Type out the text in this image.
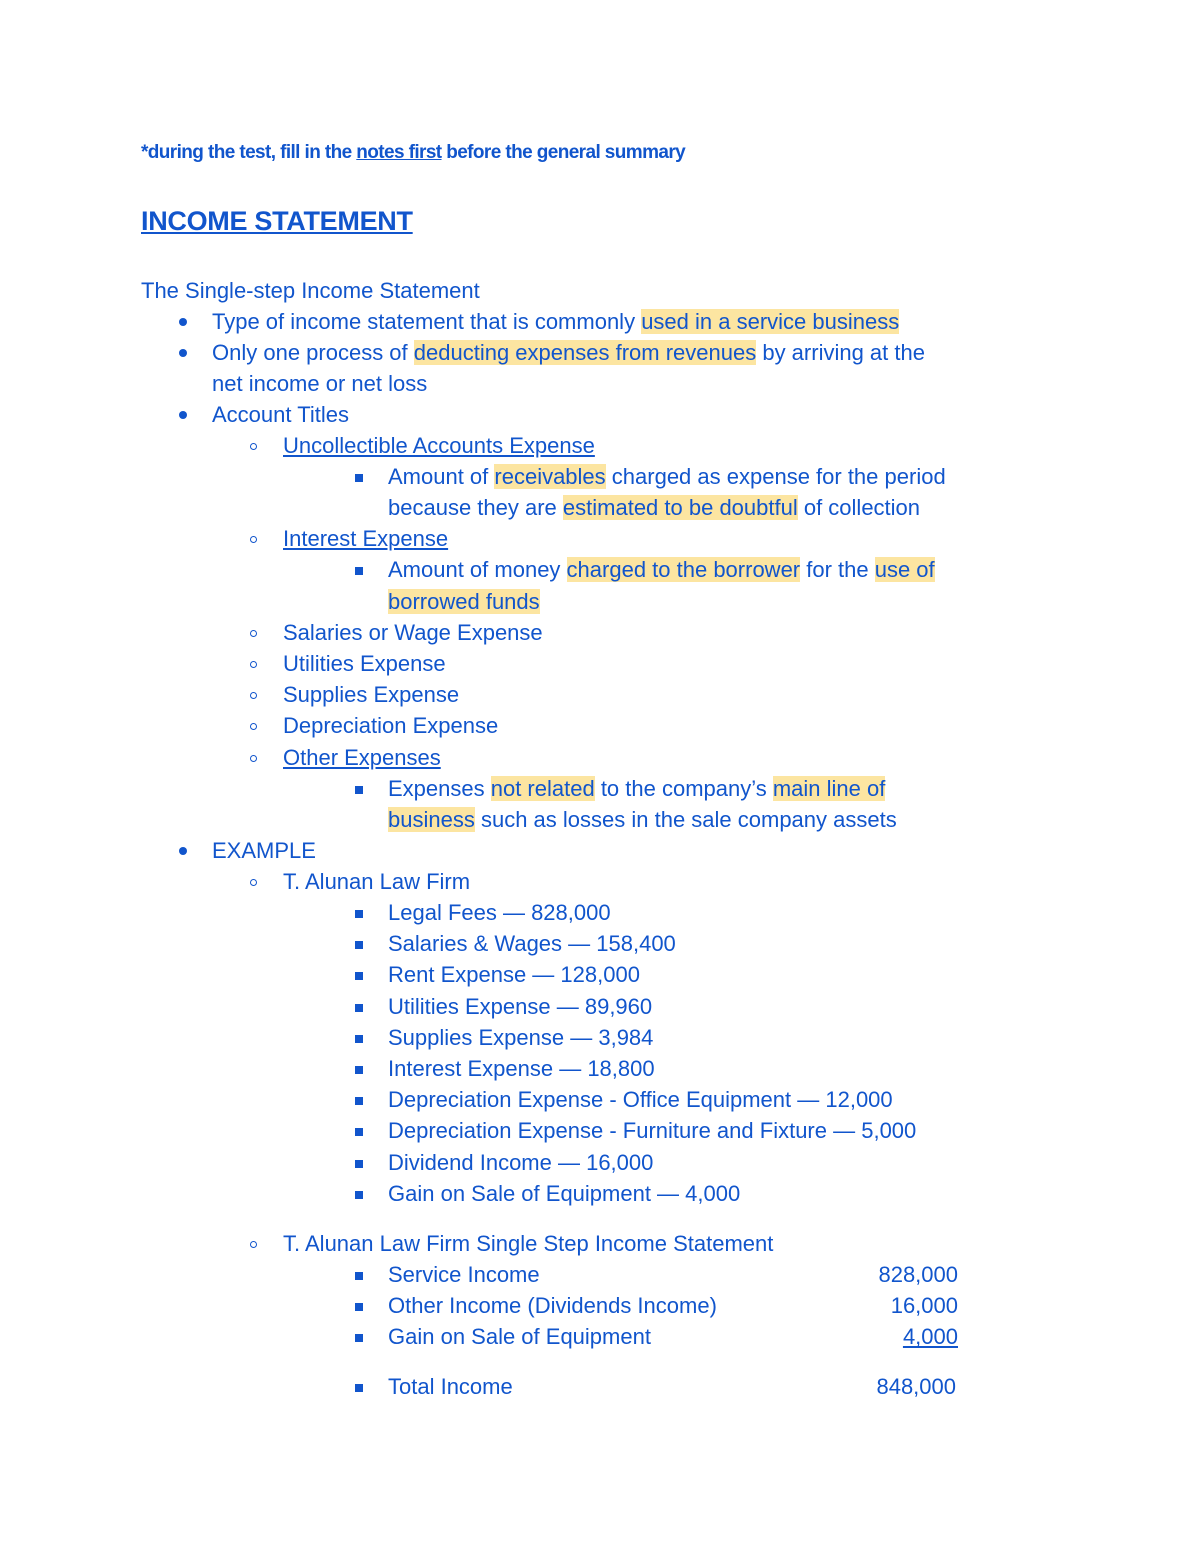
*during the test, fill in the notes first before the general summary
INCOME STATEMENT
The Single-step Income Statement
Type of income statement that is commonly used in a service business
Only one process of deducting expenses from revenues by arriving at the
net income or net loss
Account Titles
Uncollectible Accounts Expense
Amount of receivables charged as expense for the period
because they are estimated to be doubtful of collection
Interest Expense
Amount of money charged to the borrower for the use of
borrowed funds
Salaries or Wage Expense
Utilities Expense
Supplies Expense
Depreciation Expense
Other Expenses
Expenses not related to the company’s main line of
business such as losses in the sale company assets
EXAMPLE
T. Alunan Law Firm
Legal Fees — 828,000
Salaries & Wages — 158,400
Rent Expense — 128,000
Utilities Expense — 89,960
Supplies Expense — 3,984
Interest Expense — 18,800
Depreciation Expense - Office Equipment — 12,000
Depreciation Expense - Furniture and Fixture — 5,000
Dividend Income — 16,000
Gain on Sale of Equipment — 4,000
T. Alunan Law Firm Single Step Income Statement
Service Income	828,000
Other Income (Dividends Income)	16,000
Gain on Sale of Equipment	4,000
Total Income	848,000
